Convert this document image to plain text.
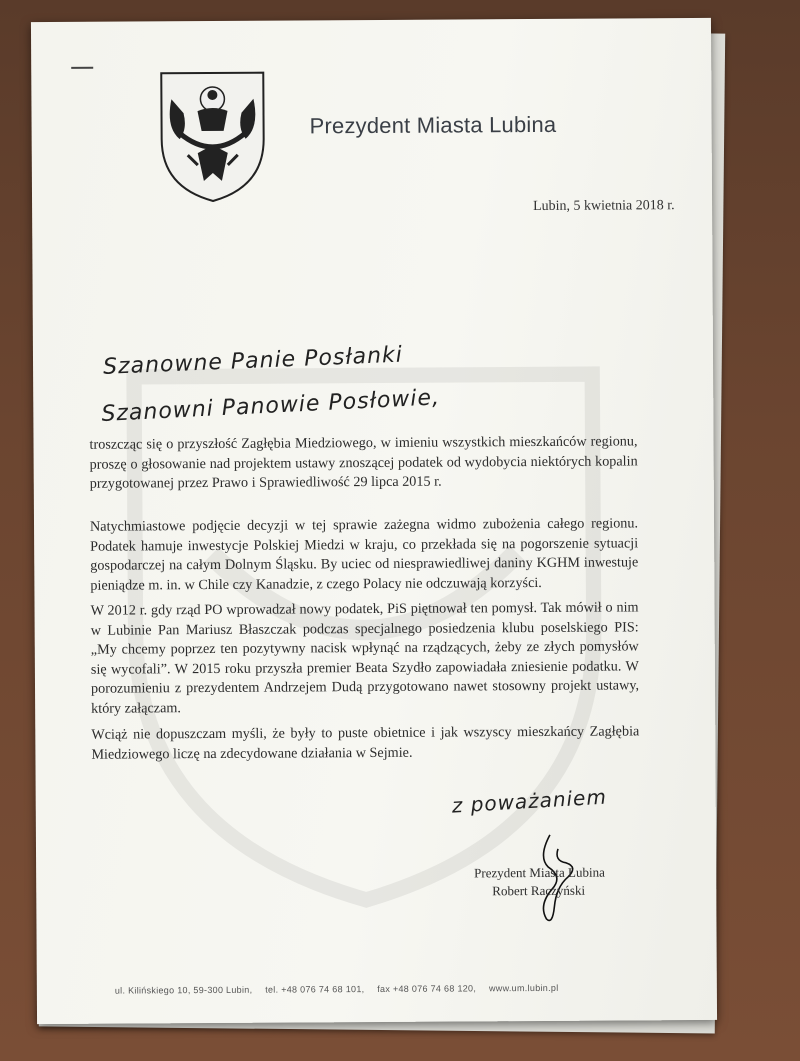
Prezydent Miasta Lubina
Lubin, 5 kwietnia 2018 r.
Szanowne Panie Posłanki
Szanowni Panowie Posłowie,
troszcząc się o przyszłość Zagłębia Miedziowego, w imieniu wszystkich mieszkańców regionu, proszę o głosowanie nad projektem ustawy znoszącej podatek od wydobycia niektórych kopalin przygotowanej przez Prawo i Sprawiedliwość 29 lipca 2015 r.
Natychmiastowe podjęcie decyzji w tej sprawie zażegna widmo zubożenia całego regionu. Podatek hamuje inwestycje Polskiej Miedzi w kraju, co przekłada się na pogorszenie sytuacji gospodarczej na całym Dolnym Śląsku. By uciec od niesprawiedliwej daniny KGHM inwestuje pieniądze m. in. w Chile czy Kanadzie, z czego Polacy nie odczuwają korzyści.
W 2012 r. gdy rząd PO wprowadzał nowy podatek, PiS piętnował ten pomysł. Tak mówił o nim w Lubinie Pan Mariusz Błaszczak podczas specjalnego posiedzenia klubu poselskiego PIS: „My chcemy poprzez ten pozytywny nacisk wpłynąć na rządzących, żeby ze złych pomysłów się wycofali”. W 2015 roku przyszła premier Beata Szydło zapowiadała zniesienie podatku. W porozumieniu z prezydentem Andrzejem Dudą przygotowano nawet stosowny projekt ustawy, który załączam.
Wciąż nie dopuszczam myśli, że były to puste obietnice i jak wszyscy mieszkańcy Zagłębia Miedziowego liczę na zdecydowane działania w Sejmie.
z poważaniem
Prezydent Miasta Lubina
Robert Raczyński
ul. Kilińskiego 10, 59-300 Lubin, tel. +48 076 74 68 101, fax +48 076 74 68 120, www.um.lubin.pl
